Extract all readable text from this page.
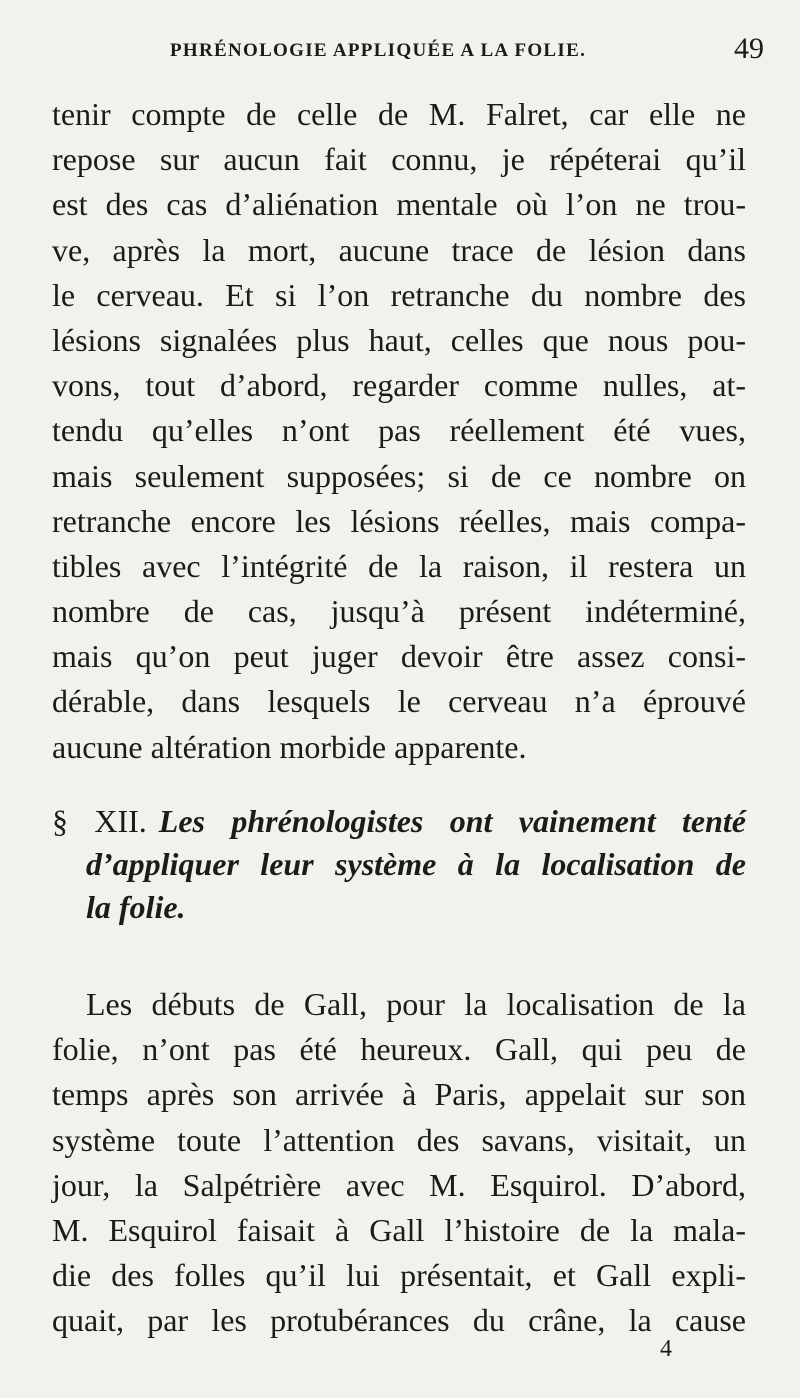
PHRÉNOLOGIE APPLIQUÉE A LA FOLIE.	49
tenir compte de celle de M. Falret, car elle ne
repose sur aucun fait connu, je répéterai qu’il
est des cas d’aliénation mentale où l’on ne trou-
ve, après la mort, aucune trace de lésion dans
le cerveau. Et si l’on retranche du nombre des
lésions signalées plus haut, celles que nous pou-
vons, tout d’abord, regarder comme nulles, at-
tendu qu’elles n’ont pas réellement été vues,
mais seulement supposées; si de ce nombre on
retranche encore les lésions réelles, mais compa-
tibles avec l’intégrité de la raison, il restera un
nombre de cas, jusqu’à présent indéterminé,
mais qu’on peut juger devoir être assez consi-
dérable, dans lesquels le cerveau n’a éprouvé
aucune altération morbide apparente.
§ XII. Les phrénologistes ont vainement tenté
d’appliquer leur système à la localisation de
la folie.
Les débuts de Gall, pour la localisation de la
folie, n’ont pas été heureux. Gall, qui peu de
temps après son arrivée à Paris, appelait sur son
système toute l’attention des savans, visitait, un
jour, la Salpétrière avec M. Esquirol. D’abord,
M. Esquirol faisait à Gall l’histoire de la mala-
die des folles qu’il lui présentait, et Gall expli-
quait, par les protubérances du crâne, la cause
4
